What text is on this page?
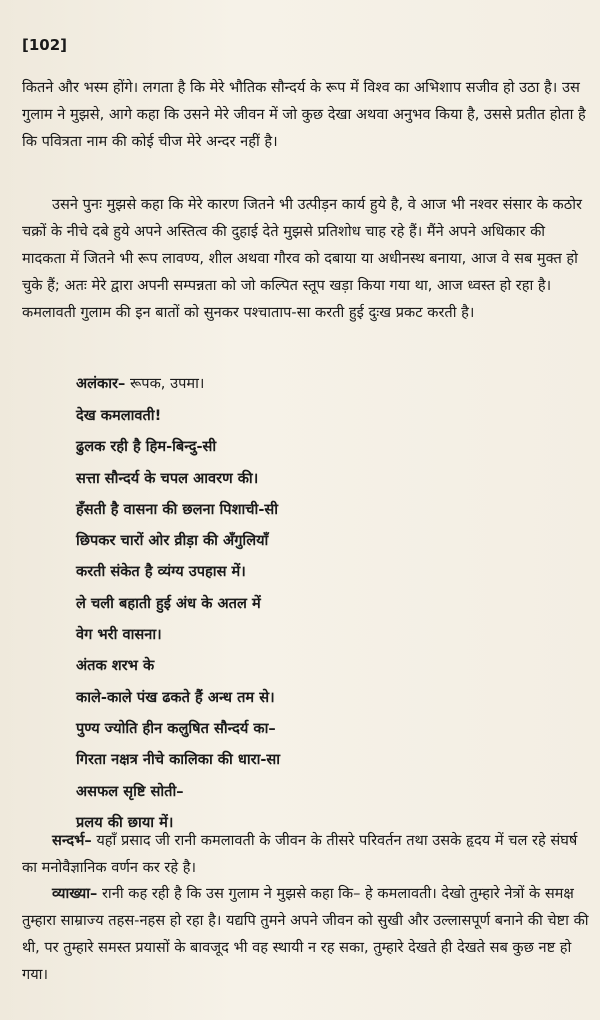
[102]
कितने और भस्म होंगे। लगता है कि मेरे भौतिक सौन्दर्य के रूप में विश्व का अभिशाप सजीव हो उठा है। उस गुलाम ने मुझसे, आगे कहा कि उसने मेरे जीवन में जो कुछ देखा अथवा अनुभव किया है, उससे प्रतीत होता है कि पवित्रता नाम की कोई चीज मेरे अन्दर नहीं है।
उसने पुनः मुझसे कहा कि मेरे कारण जितने भी उत्पीड़न कार्य हुये है, वे आज भी नश्वर संसार के कठोर चक्रों के नीचे दबे हुये अपने अस्तित्व की दुहाई देते मुझसे प्रतिशोध चाह रहे हैं। मैंने अपने अधिकार की मादकता में जितने भी रूप लावण्य, शील अथवा गौरव को दबाया या अधीनस्थ बनाया, आज वे सब मुक्त हो चुके हैं; अतः मेरे द्वारा अपनी सम्पन्नता को जो कल्पित स्तूप खड़ा किया गया था, आज ध्वस्त हो रहा है। कमलावती गुलाम की इन बातों को सुनकर पश्चाताप-सा करती हुई दुःख प्रकट करती है।
अलंकार– रूपक, उपमा।
देख कमलावती!
ढुलक रही है हिम-बिन्दु-सी
सत्ता सौन्दर्य के चपल आवरण की।
हँसती है वासना की छलना पिशाची-सी
छिपकर चारों ओर व्रीड़ा की अँगुलियाँ
करती संकेत है व्यंग्य उपहास में।
ले चली बहाती हुई अंध के अतल में
वेग भरी वासना।
अंतक शरभ के
काले-काले पंख ढकते हैं अन्ध तम से।
पुण्य ज्योति हीन कलुषित सौन्दर्य का–
गिरता नक्षत्र नीचे कालिका की धारा-सा
असफल सृष्टि सोती–
प्रलय की छाया में।
सन्दर्भ– यहाँ प्रसाद जी रानी कमलावती के जीवन के तीसरे परिवर्तन तथा उसके हृदय में चल रहे संघर्ष का मनोवैज्ञानिक वर्णन कर रहे है।
व्याख्या– रानी कह रही है कि उस गुलाम ने मुझसे कहा कि– हे कमलावती। देखो तुम्हारे नेत्रों के समक्ष तुम्हारा साम्राज्य तहस-नहस हो रहा है। यद्यपि तुमने अपने जीवन को सुखी और उल्लासपूर्ण बनाने की चेष्टा की थी, पर तुम्हारे समस्त प्रयासों के बावजूद भी वह स्थायी न रह सका, तुम्हारे देखते ही देखते सब कुछ नष्ट हो गया।
